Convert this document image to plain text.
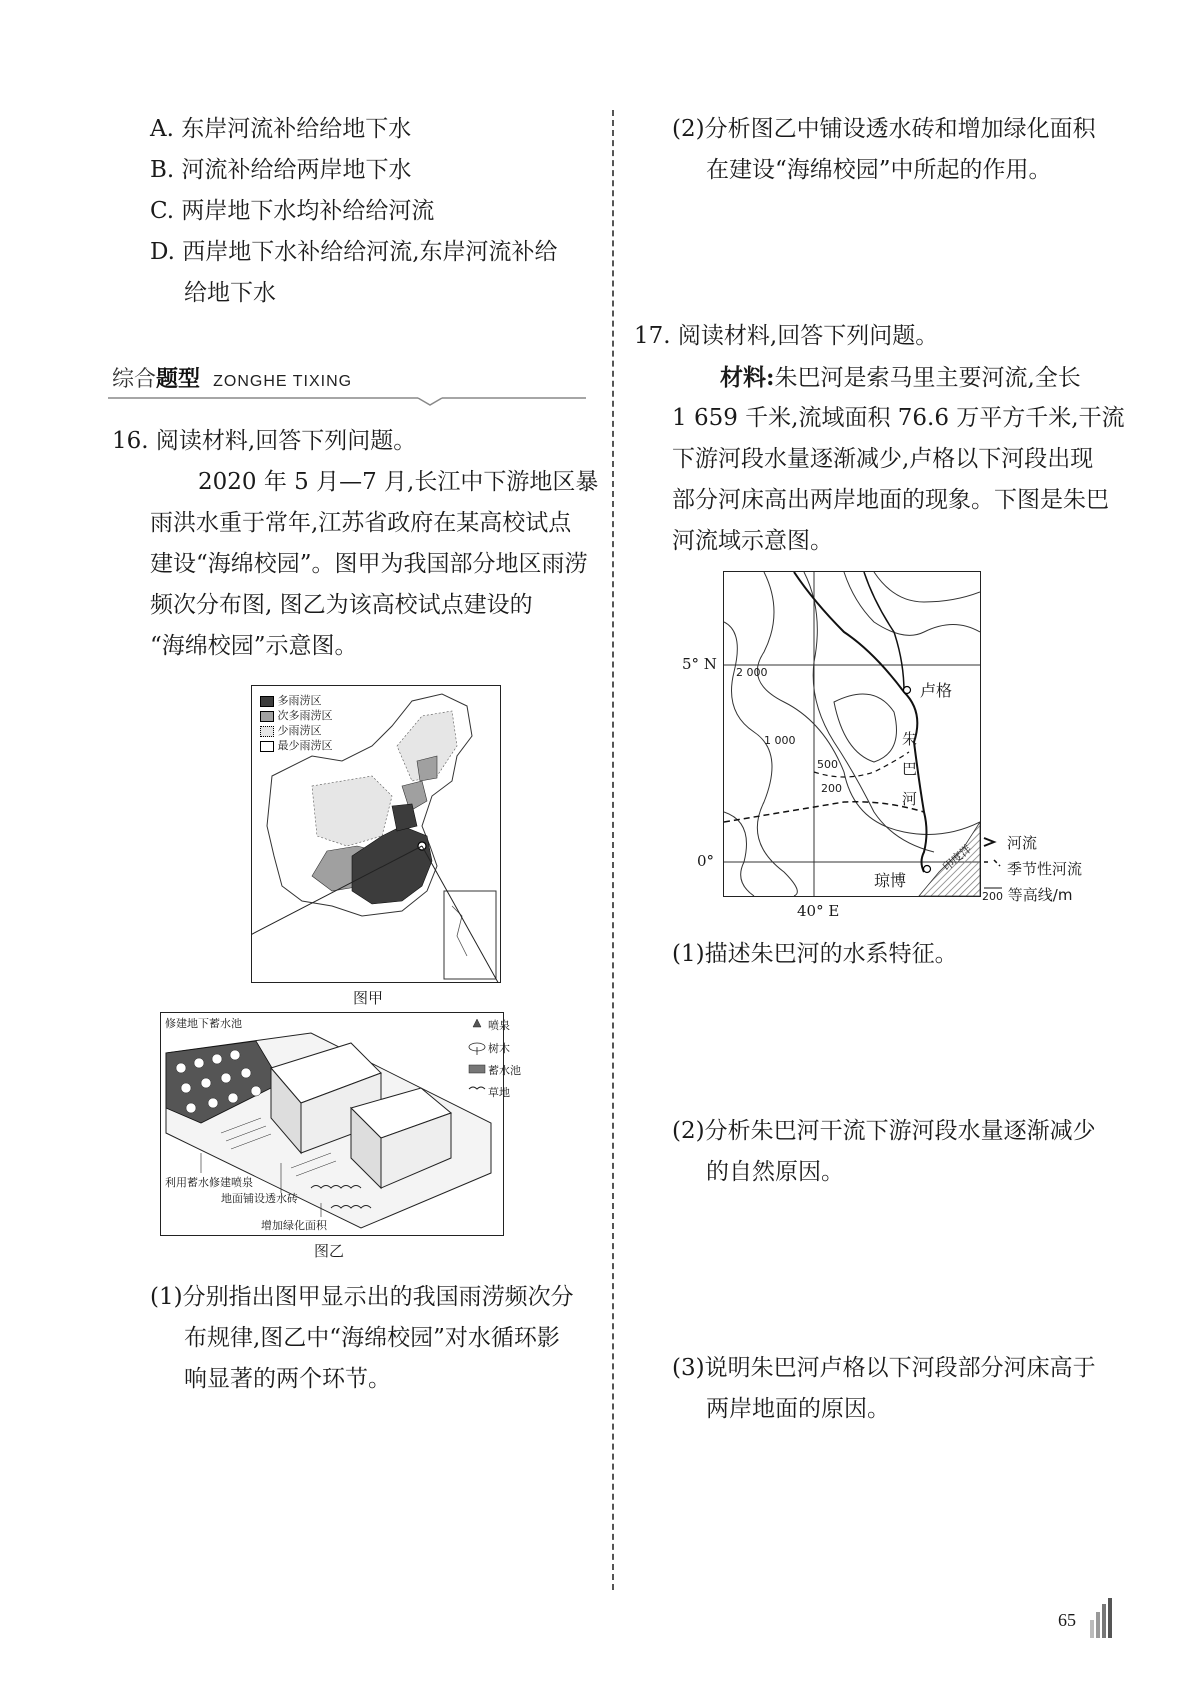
A. 东岸河流补给给地下水
B. 河流补给给两岸地下水
C. 两岸地下水均补给给河流
D. 西岸地下水补给给河流,东岸河流补给
给地下水
综合题型 ZONGHE TIXING
16. 阅读材料,回答下列问题。
2020 年 5 月—7 月,长江中下游地区暴
雨洪水重于常年,江苏省政府在某高校试点
建设“海绵校园”。图甲为我国部分地区雨涝
频次分布图, 图乙为该高校试点建设的
“海绵校园”示意图。
多雨涝区
次多雨涝区
少雨涝区
最少雨涝区
图甲
修建地下蓄水池
利用蓄水修建喷泉
地面铺设透水砖
增加绿化面积
喷泉
树木
蓄水池
草地
图乙
(1)分别指出图甲显示出的我国雨涝频次分
布规律,图乙中“海绵校园”对水循环影
响显著的两个环节。
(2)分析图乙中铺设透水砖和增加绿化面积
在建设“海绵校园”中所起的作用。
17. 阅读材料,回答下列问题。
材料:朱巴河是索马里主要河流,全长
1 659 千米,流域面积 76.6 万平方千米,干流
下游河段水量逐渐减少,卢格以下河段出现
部分河床高出两岸地面的现象。下图是朱巴
河流域示意图。
2 000
1 000
500
200
卢格
朱
巴
河
琼博
印度洋
5° N
0°
40° E
河流
季节性河流
200 等高线/m
(1)描述朱巴河的水系特征。
(2)分析朱巴河干流下游河段水量逐渐减少
的自然原因。
(3)说明朱巴河卢格以下河段部分河床高于
两岸地面的原因。
65
